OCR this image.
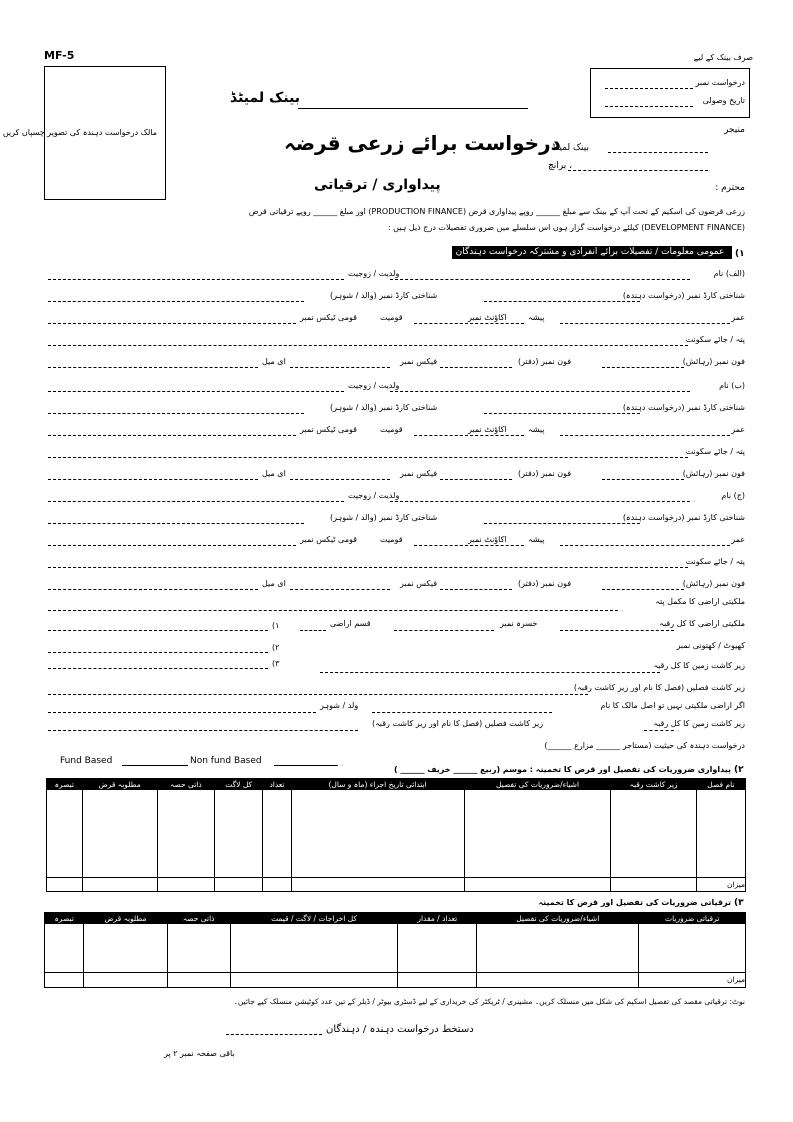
MF-5
مالک درخواست دہندہ کی تصویر چسپاں کریں
صرف بینک کے لیے
درخواست نمبر
تاریخ وصولی
بینک لمیٹڈ
درخواست برائے زرعی قرضہ
پیداواری / ترقیاتی
منیجر
بینک لمیٹڈ
، برانچ
محترم :
زرعی قرضوں کی اسکیم کے تحت آپ کے بینک سے مبلغ ______ روپے پیداواری قرض (PRODUCTION FINANCE) اور مبلغ ______ روپے ترقیاتی قرض
(DEVELOPMENT FINANCE) کیلئے درخواست گزار ہوں اس سلسلے میں ضروری تفصیلات درج ذیل ہیں :
(۱
عمومی معلومات / تفصیلات برائے انفرادی و مشترکہ درخواست دہندگان
(الف) نام
ولدیت / زوجیت
شناختی کارڈ نمبر (درخواست دہندہ)
شناختی کارڈ نمبر (والد / شوہر)
عمر
پیشہ
قومیت
قومی ٹیکس نمبر
پتہ / جائے سکونت
فون نمبر (رہائش)
فون نمبر (دفتر)
فیکس نمبر
ای میل
اکاؤنٹ نمبر
(ب) نام
ولدیت / زوجیت
شناختی کارڈ نمبر (درخواست دہندہ)
شناختی کارڈ نمبر (والد / شوہر)
عمر
پیشہ
قومیت
قومی ٹیکس نمبر
پتہ / جائے سکونت
فون نمبر (رہائش)
فون نمبر (دفتر)
فیکس نمبر
ای میل
اکاؤنٹ نمبر
(ج) نام
ولدیت / زوجیت
شناختی کارڈ نمبر (درخواست دہندہ)
شناختی کارڈ نمبر (والد / شوہر)
عمر
پیشہ
قومیت
قومی ٹیکس نمبر
پتہ / جائے سکونت
فون نمبر (رہائش)
فون نمبر (دفتر)
فیکس نمبر
ای میل
اکاؤنٹ نمبر
ملکیتی اراضی کا مکمل پتہ
ملکیتی اراضی کا کل رقبہ
خسرہ نمبر
قسم اراضی
(۱
کھیوٹ / کھتونی نمبر
(۲
(۳	زیر کاشت زمین کا کل رقبہ
زیر کاشت فصلیں (فصل کا نام اور زیر کاشت رقبہ)
اگر اراضی ملکیتی نہیں تو اصل مالک کا نام
ولد / شوہر
زیر کاشت زمین کا کل رقبہ
زیر کاشت فصلیں (فصل کا نام اور زیر کاشت رقبہ)
درخواست دہندہ کی حیثیت (مستاجر ______ مزارع ______)
Fund Based	Non fund Based
(۲
پیداواری ضروریات کی تفصیل اور قرض کا تخمینہ : موسم (ربیع ______ خریف ______ )
تبصرہ	مطلوبہ قرض	ذاتی حصہ	کل لاگت	تعداد	ابتدائی تاریخ اجراء (ماہ و سال)	اشیاء/ضروریات کی تفصیل	زیر کاشت رقبہ	نام فصل

								میزان
(۳
ترقیاتی ضروریات کی تفصیل اور قرض کا تخمینہ
تبصرہ	مطلوبہ قرض	ذاتی حصہ	کل اخراجات / لاگت / قیمت	تعداد / مقدار	اشیاء/ضروریات کی تفصیل	ترقیاتی ضروریات

						میزان
نوٹ: ترقیاتی مقصد کی تفصیل اسکیم کی شکل میں منسلک کریں۔ مشینری / ٹریکٹر کی خریداری کے لیے ڈسٹری بیوٹر / ڈیلر کے تین عدد کوٹیشن منسلک کیے جائیں۔
دستخط درخواست دہندہ / دہندگان
باقی صفحہ نمبر ۲ پر
